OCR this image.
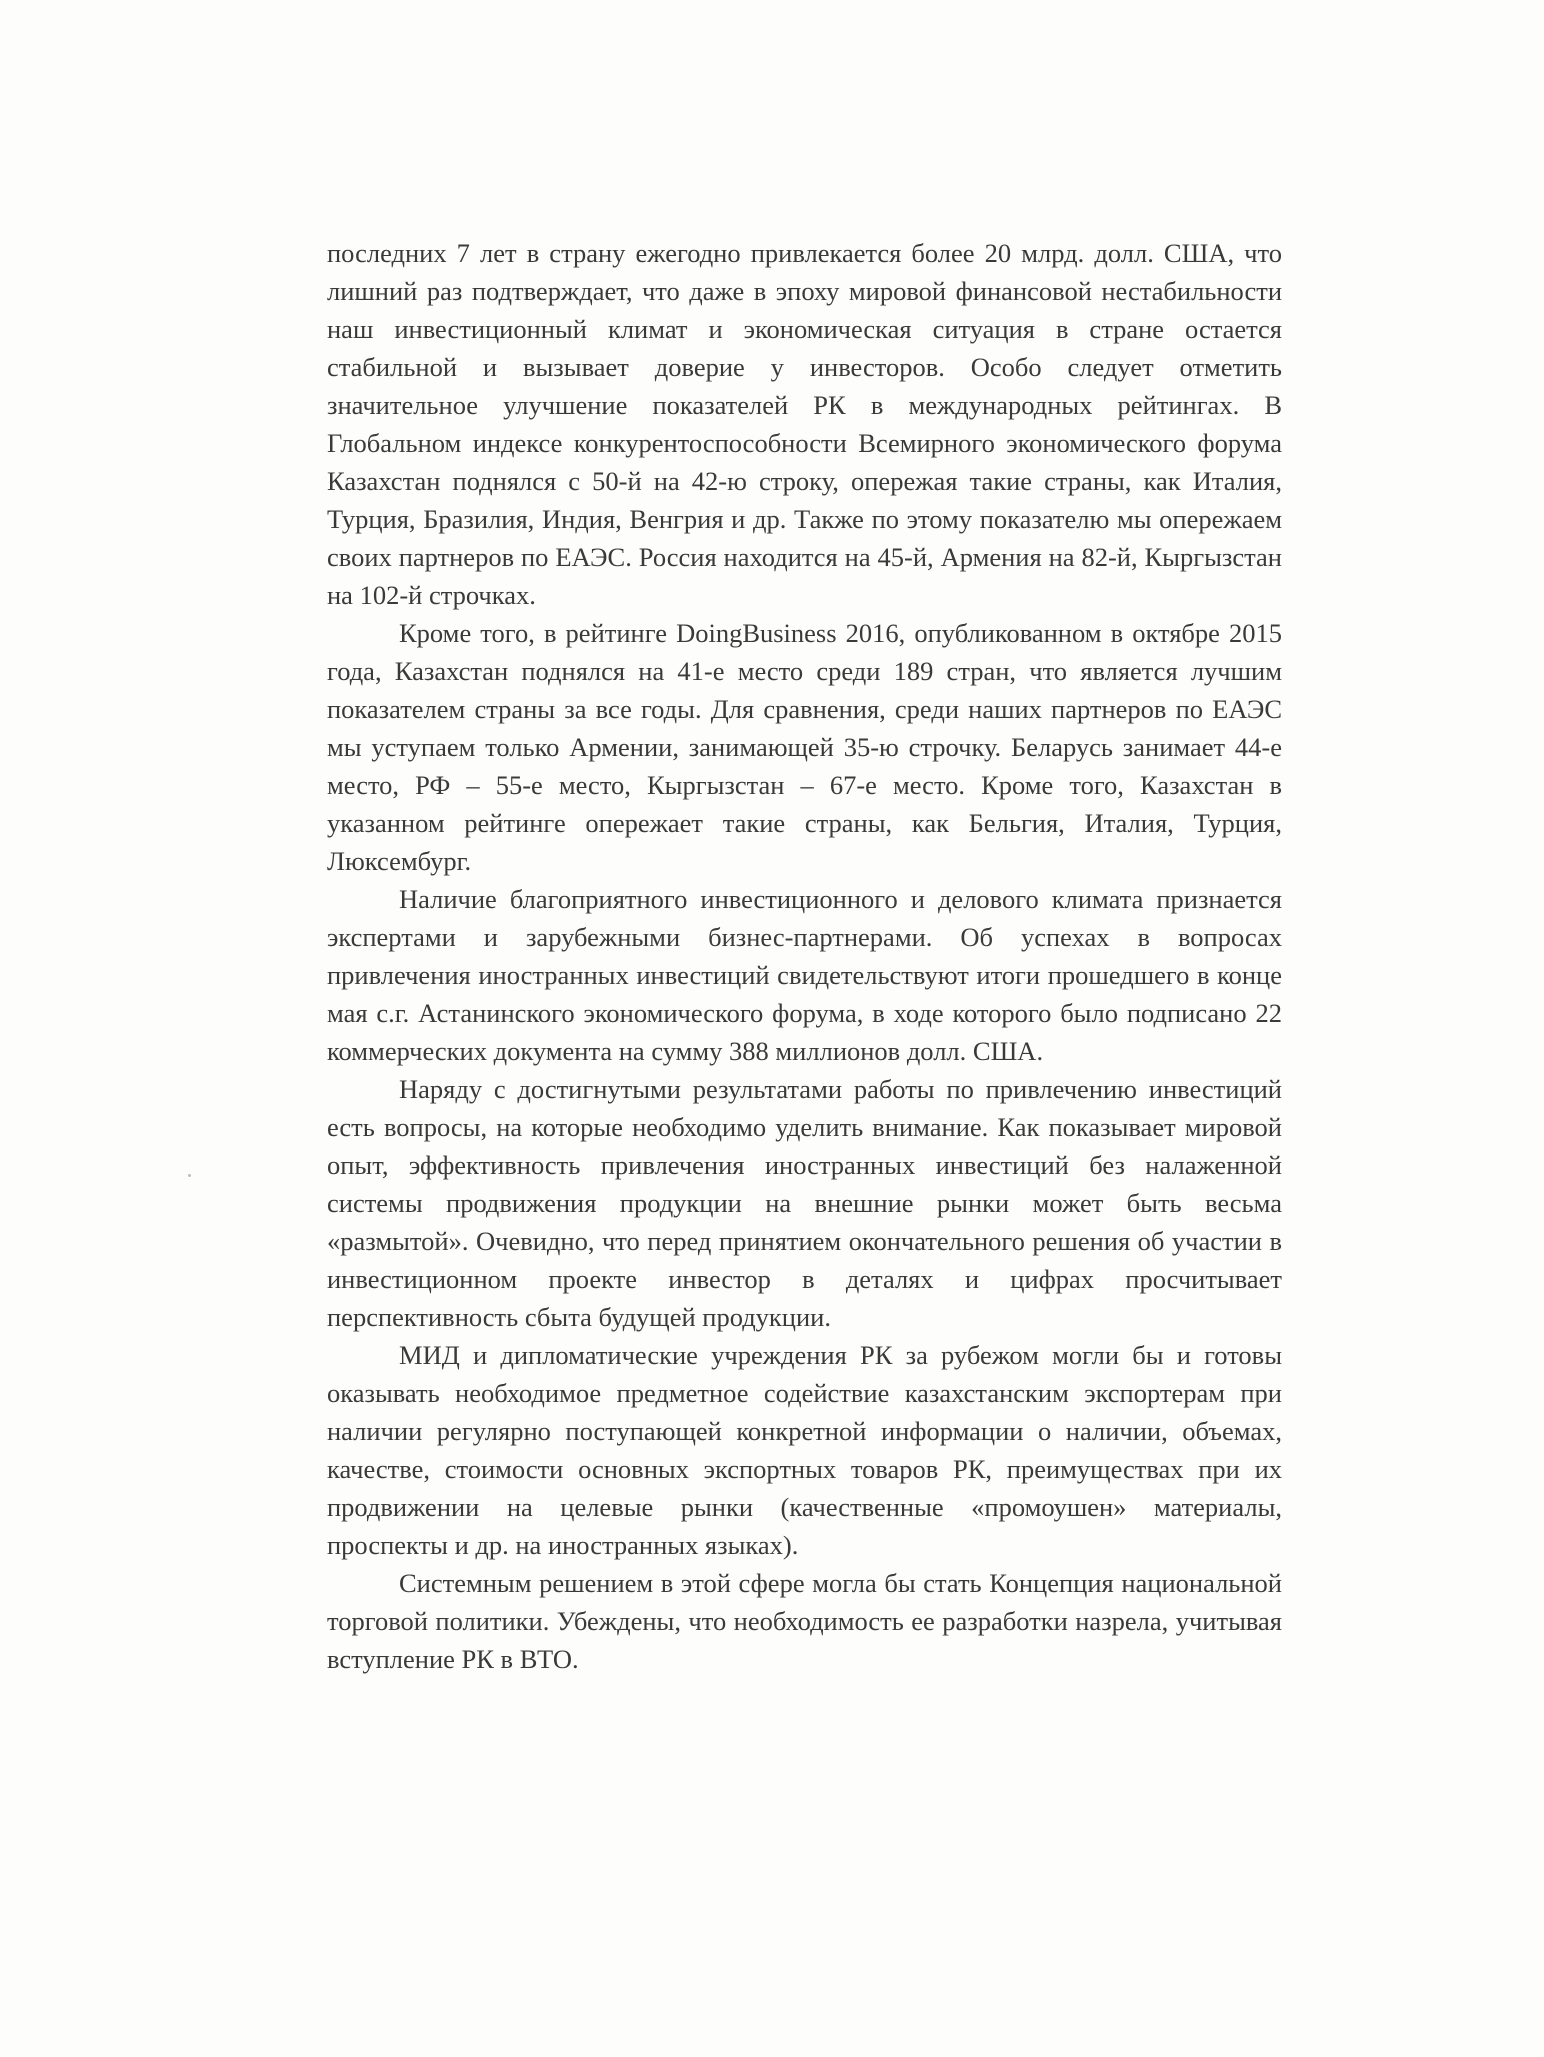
последних 7 лет в страну ежегодно привлекается более 20 млрд. долл. США, что лишний раз подтверждает, что даже в эпоху мировой финансовой нестабильности наш инвестиционный климат и экономическая ситуация в стране остается стабильной и вызывает доверие у инвесторов. Особо следует отметить значительное улучшение показателей РК в международных рейтингах. В Глобальном индексе конкурентоспособности Всемирного экономического форума Казахстан поднялся с 50-й на 42-ю строку, опережая такие страны, как Италия, Турция, Бразилия, Индия, Венгрия и др. Также по этому показателю мы опережаем своих партнеров по ЕАЭС. Россия находится на 45-й, Армения на 82-й, Кыргызстан на 102-й строчках.

Кроме того, в рейтинге DoingBusiness 2016, опубликованном в октябре 2015 года, Казахстан поднялся на 41-е место среди 189 стран, что является лучшим показателем страны за все годы. Для сравнения, среди наших партнеров по ЕАЭС мы уступаем только Армении, занимающей 35-ю строчку. Беларусь занимает 44-е место, РФ – 55-е место, Кыргызстан – 67-е место. Кроме того, Казахстан в указанном рейтинге опережает такие страны, как Бельгия, Италия, Турция, Люксембург.

Наличие благоприятного инвестиционного и делового климата признается экспертами и зарубежными бизнес-партнерами. Об успехах в вопросах привлечения иностранных инвестиций свидетельствуют итоги прошедшего в конце мая с.г. Астанинского экономического форума, в ходе которого было подписано 22 коммерческих документа на сумму 388 миллионов долл. США.

Наряду с достигнутыми результатами работы по привлечению инвестиций есть вопросы, на которые необходимо уделить внимание. Как показывает мировой опыт, эффективность привлечения иностранных инвестиций без налаженной системы продвижения продукции на внешние рынки может быть весьма «размытой». Очевидно, что перед принятием окончательного решения об участии в инвестиционном проекте инвестор в деталях и цифрах просчитывает перспективность сбыта будущей продукции.

МИД и дипломатические учреждения РК за рубежом могли бы и готовы оказывать необходимое предметное содействие казахстанским экспортерам при наличии регулярно поступающей конкретной информации о наличии, объемах, качестве, стоимости основных экспортных товаров РК, преимуществах при их продвижении на целевые рынки (качественные «промоушен» материалы, проспекты и др. на иностранных языках).

Системным решением в этой сфере могла бы стать Концепция национальной торговой политики. Убеждены, что необходимость ее разработки назрела, учитывая вступление РК в ВТО.
